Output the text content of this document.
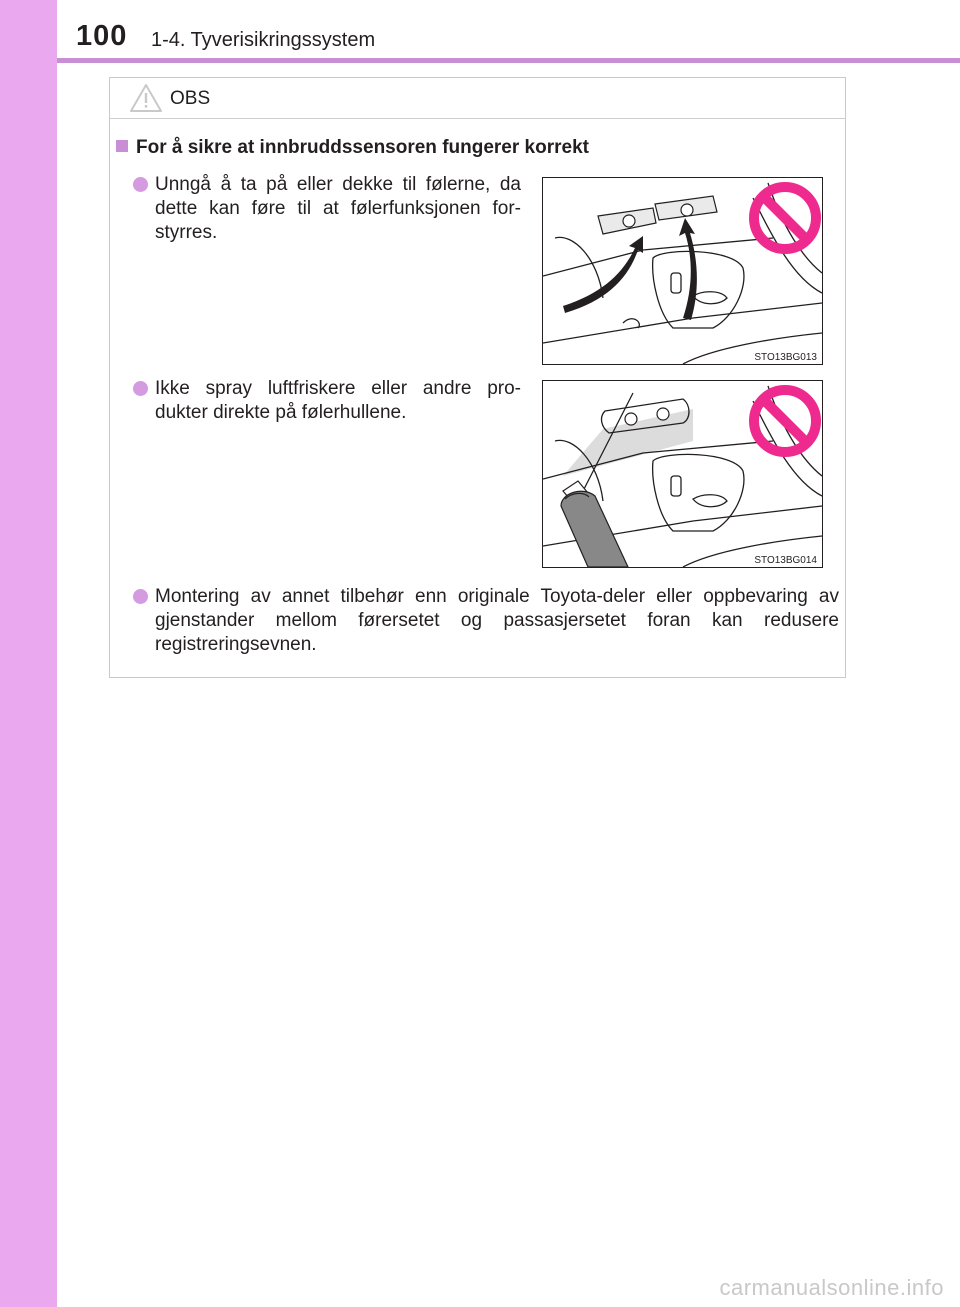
100 1-4. Tyverisikringssystem
OBS
For å sikre at innbruddssensoren fungerer korrekt
Unngå å ta på eller dekke til følerne, da dette kan føre til at følerfunksjonen for-styrres.
STO13BG013
Ikke spray luftfriskere eller andre pro-dukter direkte på følerhullene.
STO13BG014
Montering av annet tilbehør enn originale Toyota-deler eller oppbevaring av gjenstander mellom førersetet og passasjersetet foran kan redusere registreringsevnen.
carmanualsonline.info
